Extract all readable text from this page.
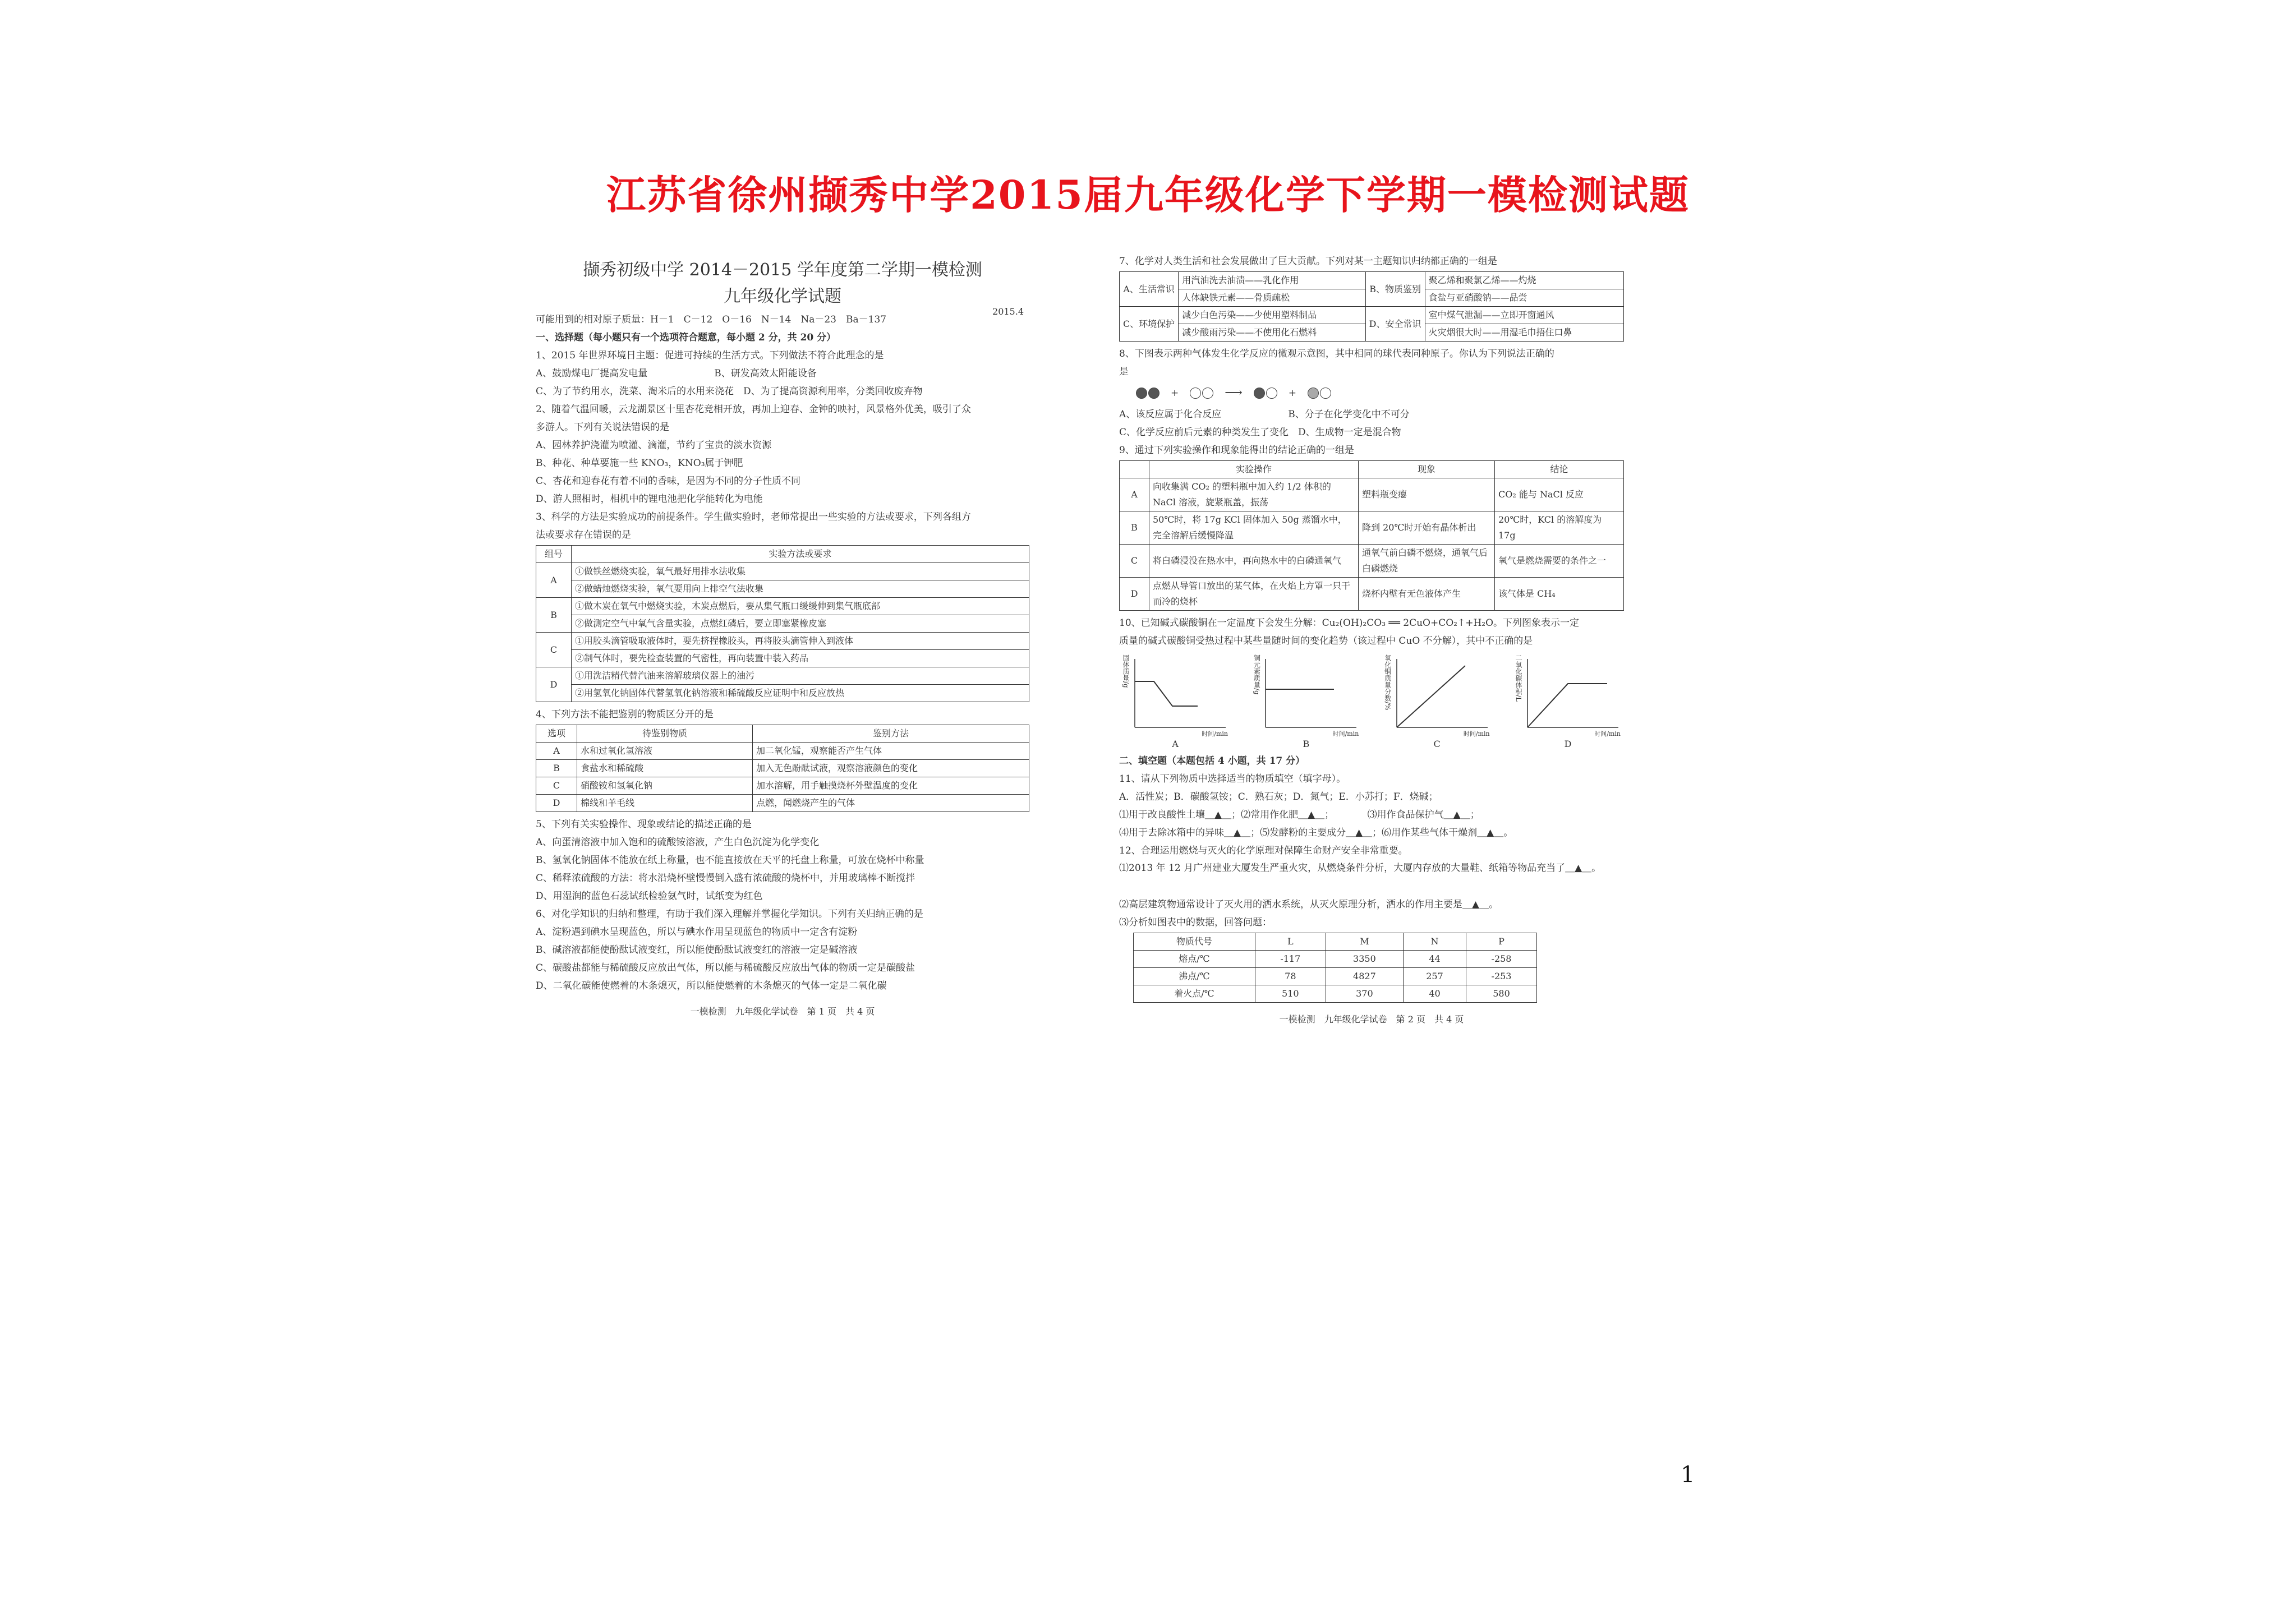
江苏省徐州撷秀中学2015届九年级化学下学期一模检测试题
撷秀初级中学 2014－2015 学年度第二学期一模检测
九年级化学试题
2015.4
可能用到的相对原子质量：H－1　C－12　O－16　N－14　Na－23　Ba－137
一、选择题（每小题只有一个选项符合题意，每小题 2 分，共 20 分）
1、2015 年世界环境日主题：促进可持续的生活方式。下列做法不符合此理念的是
A、鼓励煤电厂提高发电量　　　　　　　B、研发高效太阳能设备
C、为了节约用水，洗菜、淘米后的水用来浇花　D、为了提高资源利用率，分类回收废弃物
2、随着气温回暖，云龙湖景区十里杏花竞相开放，再加上迎春、金钟的映衬，风景格外优美，吸引了众
多游人。下列有关说法错误的是
A、园林养护浇灌为喷灌、滴灌，节约了宝贵的淡水资源
B、种花、种草要施一些 KNO₃，KNO₃属于钾肥
C、杏花和迎春花有着不同的香味，是因为不同的分子性质不同
D、游人照相时，相机中的锂电池把化学能转化为电能
3、科学的方法是实验成功的前提条件。学生做实验时，老师常提出一些实验的方法或要求，下列各组方
法或要求存在错误的是
组号	实验方法或要求
A	①做铁丝燃烧实验，氧气最好用排水法收集
	②做蜡烛燃烧实验，氧气要用向上排空气法收集
B	①做木炭在氧气中燃烧实验，木炭点燃后，要从集气瓶口缓缓伸到集气瓶底部
	②做测定空气中氧气含量实验，点燃红磷后，要立即塞紧橡皮塞
C	①用胶头滴管吸取液体时，要先挤捏橡胶头，再将胶头滴管伸入到液体
	②制气体时，要先检查装置的气密性，再向装置中装入药品
D	①用洗洁精代替汽油来溶解玻璃仪器上的油污
	②用氢氧化钠固体代替氢氧化钠溶液和稀硫酸反应证明中和反应放热
4、下列方法不能把鉴别的物质区分开的是
选项	待鉴别物质	鉴别方法
A	水和过氧化氢溶液	加二氧化锰，观察能否产生气体
B	食盐水和稀硫酸	加入无色酚酞试液，观察溶液颜色的变化
C	硝酸铵和氢氧化钠	加水溶解，用手触摸烧杯外壁温度的变化
D	棉线和羊毛线	点燃，闻燃烧产生的气体
5、下列有关实验操作、现象或结论的描述正确的是
A、向蛋清溶液中加入饱和的硫酸铵溶液，产生白色沉淀为化学变化
B、氢氧化钠固体不能放在纸上称量，也不能直接放在天平的托盘上称量，可放在烧杯中称量
C、稀释浓硫酸的方法：将水沿烧杯壁慢慢倒入盛有浓硫酸的烧杯中，并用玻璃棒不断搅拌
D、用湿润的蓝色石蕊试纸检验氨气时，试纸变为红色
6、对化学知识的归纳和整理，有助于我们深入理解并掌握化学知识。下列有关归纳正确的是
A、淀粉遇到碘水呈现蓝色，所以与碘水作用呈现蓝色的物质中一定含有淀粉
B、碱溶液都能使酚酞试液变红，所以能使酚酞试液变红的溶液一定是碱溶液
C、碳酸盐都能与稀硫酸反应放出气体，所以能与稀硫酸反应放出气体的物质一定是碳酸盐
D、二氧化碳能使燃着的木条熄灭，所以能使燃着的木条熄灭的气体一定是二氧化碳
一模检测　九年级化学试卷　第 1 页　共 4 页
7、化学对人类生活和社会发展做出了巨大贡献。下列对某一主题知识归纳都正确的一组是
A、生活常识	用汽油洗去油渍——乳化作用	B、物质鉴别	聚乙烯和聚氯乙烯——灼烧
	人体缺铁元素——骨质疏松		食盐与亚硝酸钠——品尝
C、环境保护	减少白色污染——少使用塑料制品	D、安全常识	室中煤气泄漏——立即开窗通风
	减少酸雨污染——不使用化石燃料		火灾烟很大时——用湿毛巾捂住口鼻
8、下图表示两种气体发生化学反应的微观示意图，其中相同的球代表同种原子。你认为下列说法正确的
是
+	⟶	+
A、该反应属于化合反应　　　　　　　B、分子在化学变化中不可分
C、化学反应前后元素的种类发生了变化　D、生成物一定是混合物
9、通过下列实验操作和现象能得出的结论正确的一组是
	实验操作	现象	结论
A	向收集满 CO₂ 的塑料瓶中加入约 1/2 体积的 NaCl 溶液，旋紧瓶盖，振荡	塑料瓶变瘪	CO₂ 能与 NaCl 反应
B	50℃时，将 17g KCl 固体加入 50g 蒸馏水中，完全溶解后缓慢降温	降到 20℃时开始有晶体析出	20℃时，KCl 的溶解度为 17g
C	将白磷浸没在热水中，再向热水中的白磷通氧气	通氧气前白磷不燃烧，通氧气后白磷燃烧	氧气是燃烧需要的条件之一
D	点燃从导管口放出的某气体，在火焰上方罩一只干而冷的烧杯	烧杯内壁有无色液体产生	该气体是 CH₄
10、已知碱式碳酸铜在一定温度下会发生分解：Cu₂(OH)₂CO₃ ══ 2CuO+CO₂↑+H₂O。下列图象表示一定
质量的碱式碳酸铜受热过程中某些量随时间的变化趋势（该过程中 CuO 不分解），其中不正确的是
固体质量/g
时间/min
A
铜元素质量/g
时间/min
B
氧化铜质量分数/%
时间/min
C
二氧化碳体积/L
时间/min
D
二、填空题（本题包括 4 小题，共 17 分）
11、请从下列物质中选择适当的物质填空（填字母）。
A．活性炭；B．碳酸氢铵；C．熟石灰；D．氮气；E．小苏打；F．烧碱；
⑴用于改良酸性土壤＿▲＿；⑵常用作化肥＿▲＿；　　　　⑶用作食品保护气＿▲＿；
⑷用于去除冰箱中的异味＿▲＿；⑸发酵粉的主要成分＿▲＿；⑹用作某些气体干燥剂＿▲＿。
12、合理运用燃烧与灭火的化学原理对保障生命财产安全非常重要。
⑴2013 年 12 月广州建业大厦发生严重火灾，从燃烧条件分析，大厦内存放的大量鞋、纸箱等物品充当了＿▲＿。
⑵高层建筑物通常设计了灭火用的洒水系统，从灭火原理分析，洒水的作用主要是＿▲＿。
⑶分析如图表中的数据，回答问题：
物质代号	L	M	N	P
熔点/℃	-117	3350	44	-258
沸点/℃	78	4827	257	-253
着火点/℃	510	370	40	580
一模检测　九年级化学试卷　第 2 页　共 4 页
1
